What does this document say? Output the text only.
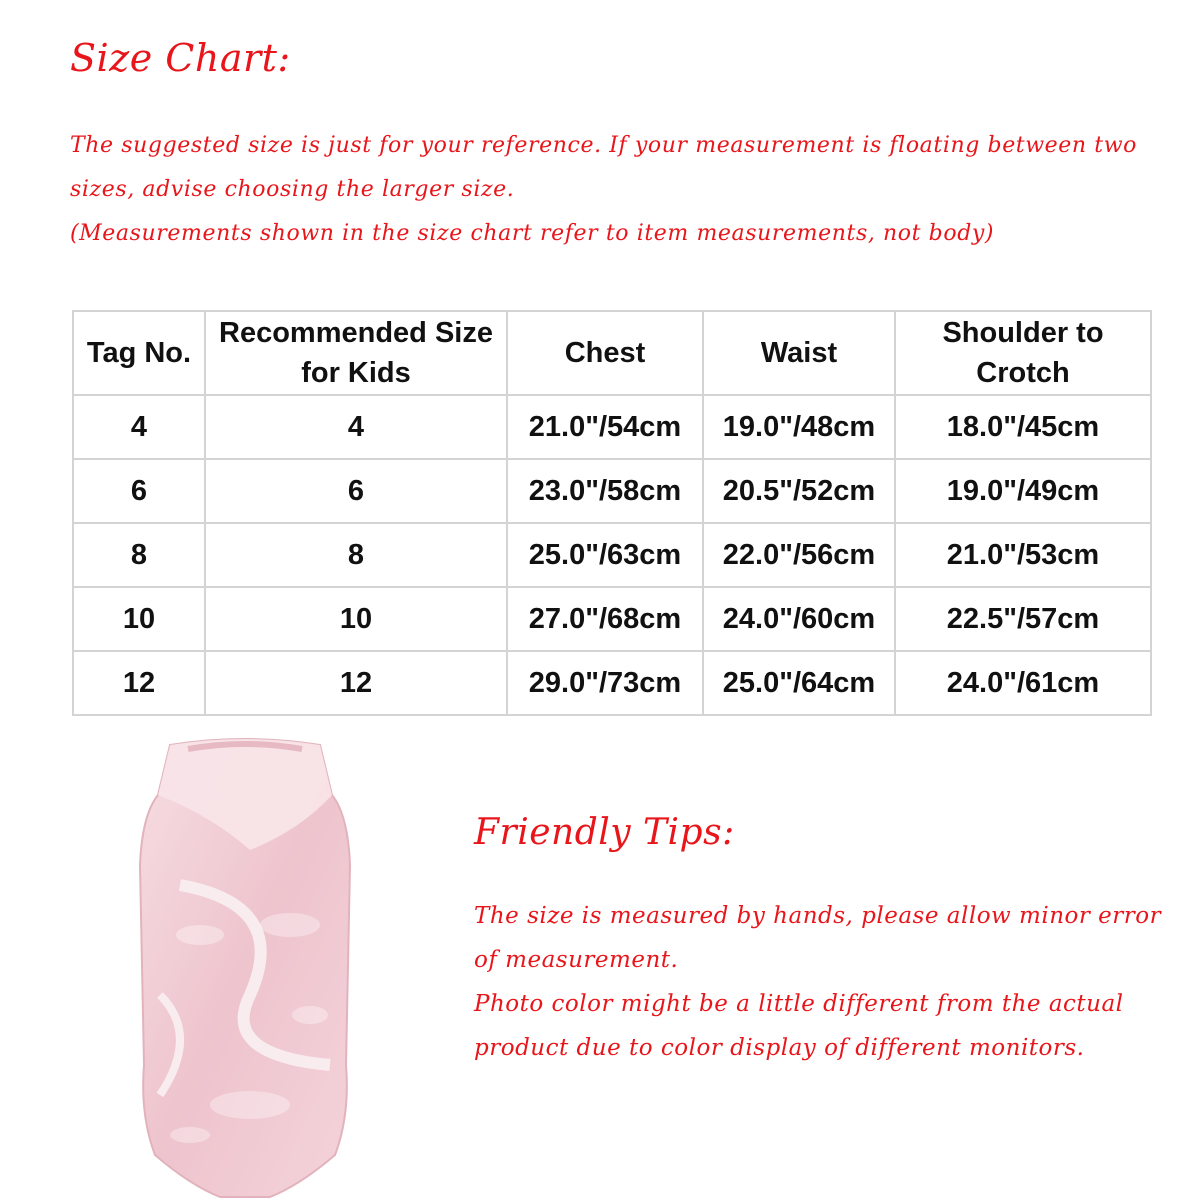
Size Chart:
The suggested size is just for your reference. If your measurement is floating between two
sizes, advise choosing the larger size.
(Measurements shown in the size chart refer to item measurements, not body)
Tag No.	Recommended Size for Kids	Chest	Waist	Shoulder to Crotch
4	4	21.0"/54cm	19.0"/48cm	18.0"/45cm
6	6	23.0"/58cm	20.5"/52cm	19.0"/49cm
8	8	25.0"/63cm	22.0"/56cm	21.0"/53cm
10	10	27.0"/68cm	24.0"/60cm	22.5"/57cm
12	12	29.0"/73cm	25.0"/64cm	24.0"/61cm
Friendly Tips:
The size is measured by hands, please allow minor error
of measurement.
Photo color might be a little different from the actual
product due to color display of different monitors.
